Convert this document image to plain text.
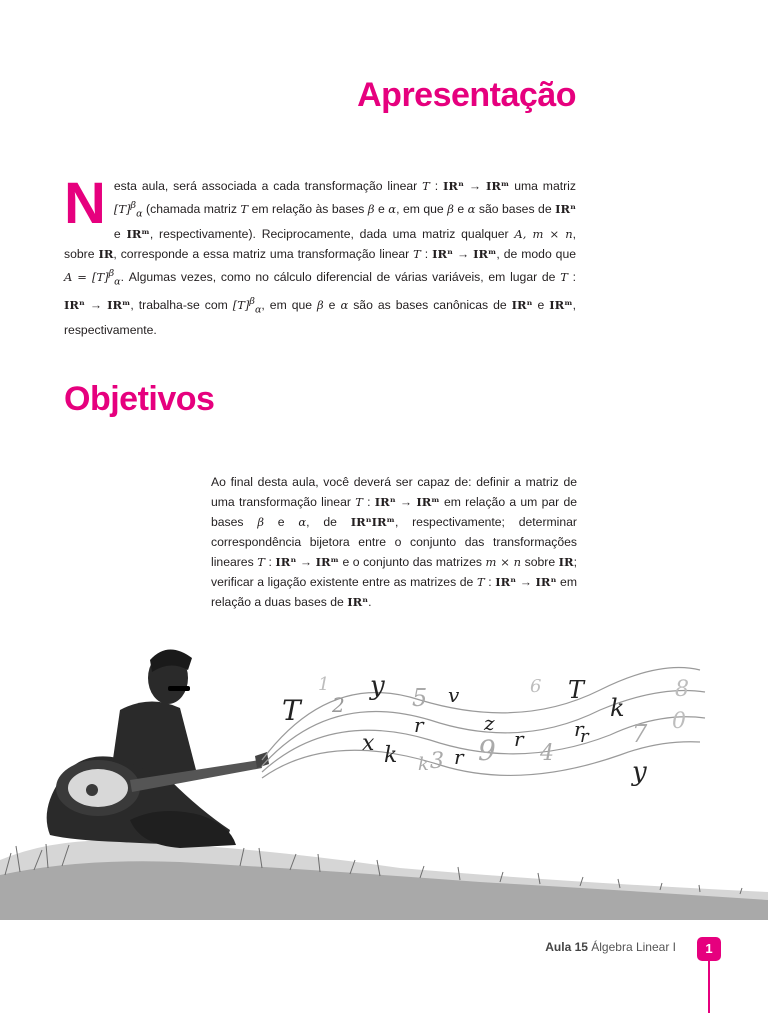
Apresentação

Nesta aula, será associada a cada transformação linear T : IRⁿ → IRᵐ uma matriz $[T]^\beta_\alpha$ (chamada matriz T em relação às bases β e α, em que β e α são bases de IRⁿ e IRᵐ, respectivamente). Reciprocamente, dada uma matriz qualquer A, m × n, sobre IR, corresponde a essa matriz uma transformação linear T : IRⁿ → IRᵐ, de modo que $A = [T]^\beta_\alpha$. Algumas vezes, como no cálculo diferencial de várias variáveis, em lugar de T : IRⁿ → IRᵐ, trabalha-se com $[T]^\beta_\alpha$, em que β e α são as bases canônicas de IRⁿ e IRᵐ, respectivamente.

Objetivos

Ao final desta aula, você deverá ser capaz de: definir a matriz de uma transformação linear T : IRⁿ → IRᵐ em relação a um par de bases β e α, de IRⁿIRᵐ, respectivamente; determinar correspondência bijetora entre o conjunto das transformações lineares T : IRⁿ → IRᵐ e o conjunto das matrizes m × n sobre IR; verificar a ligação existente entre as matrizes de T : IRⁿ → IRⁿ em relação a duas bases de IRⁿ.

T 2
1 y 5 v	6 T
k
8
r	z	r
k
x
k 3 r 9 r
4
r 7 0
y
Aula 15 Álgebra Linear I	1
